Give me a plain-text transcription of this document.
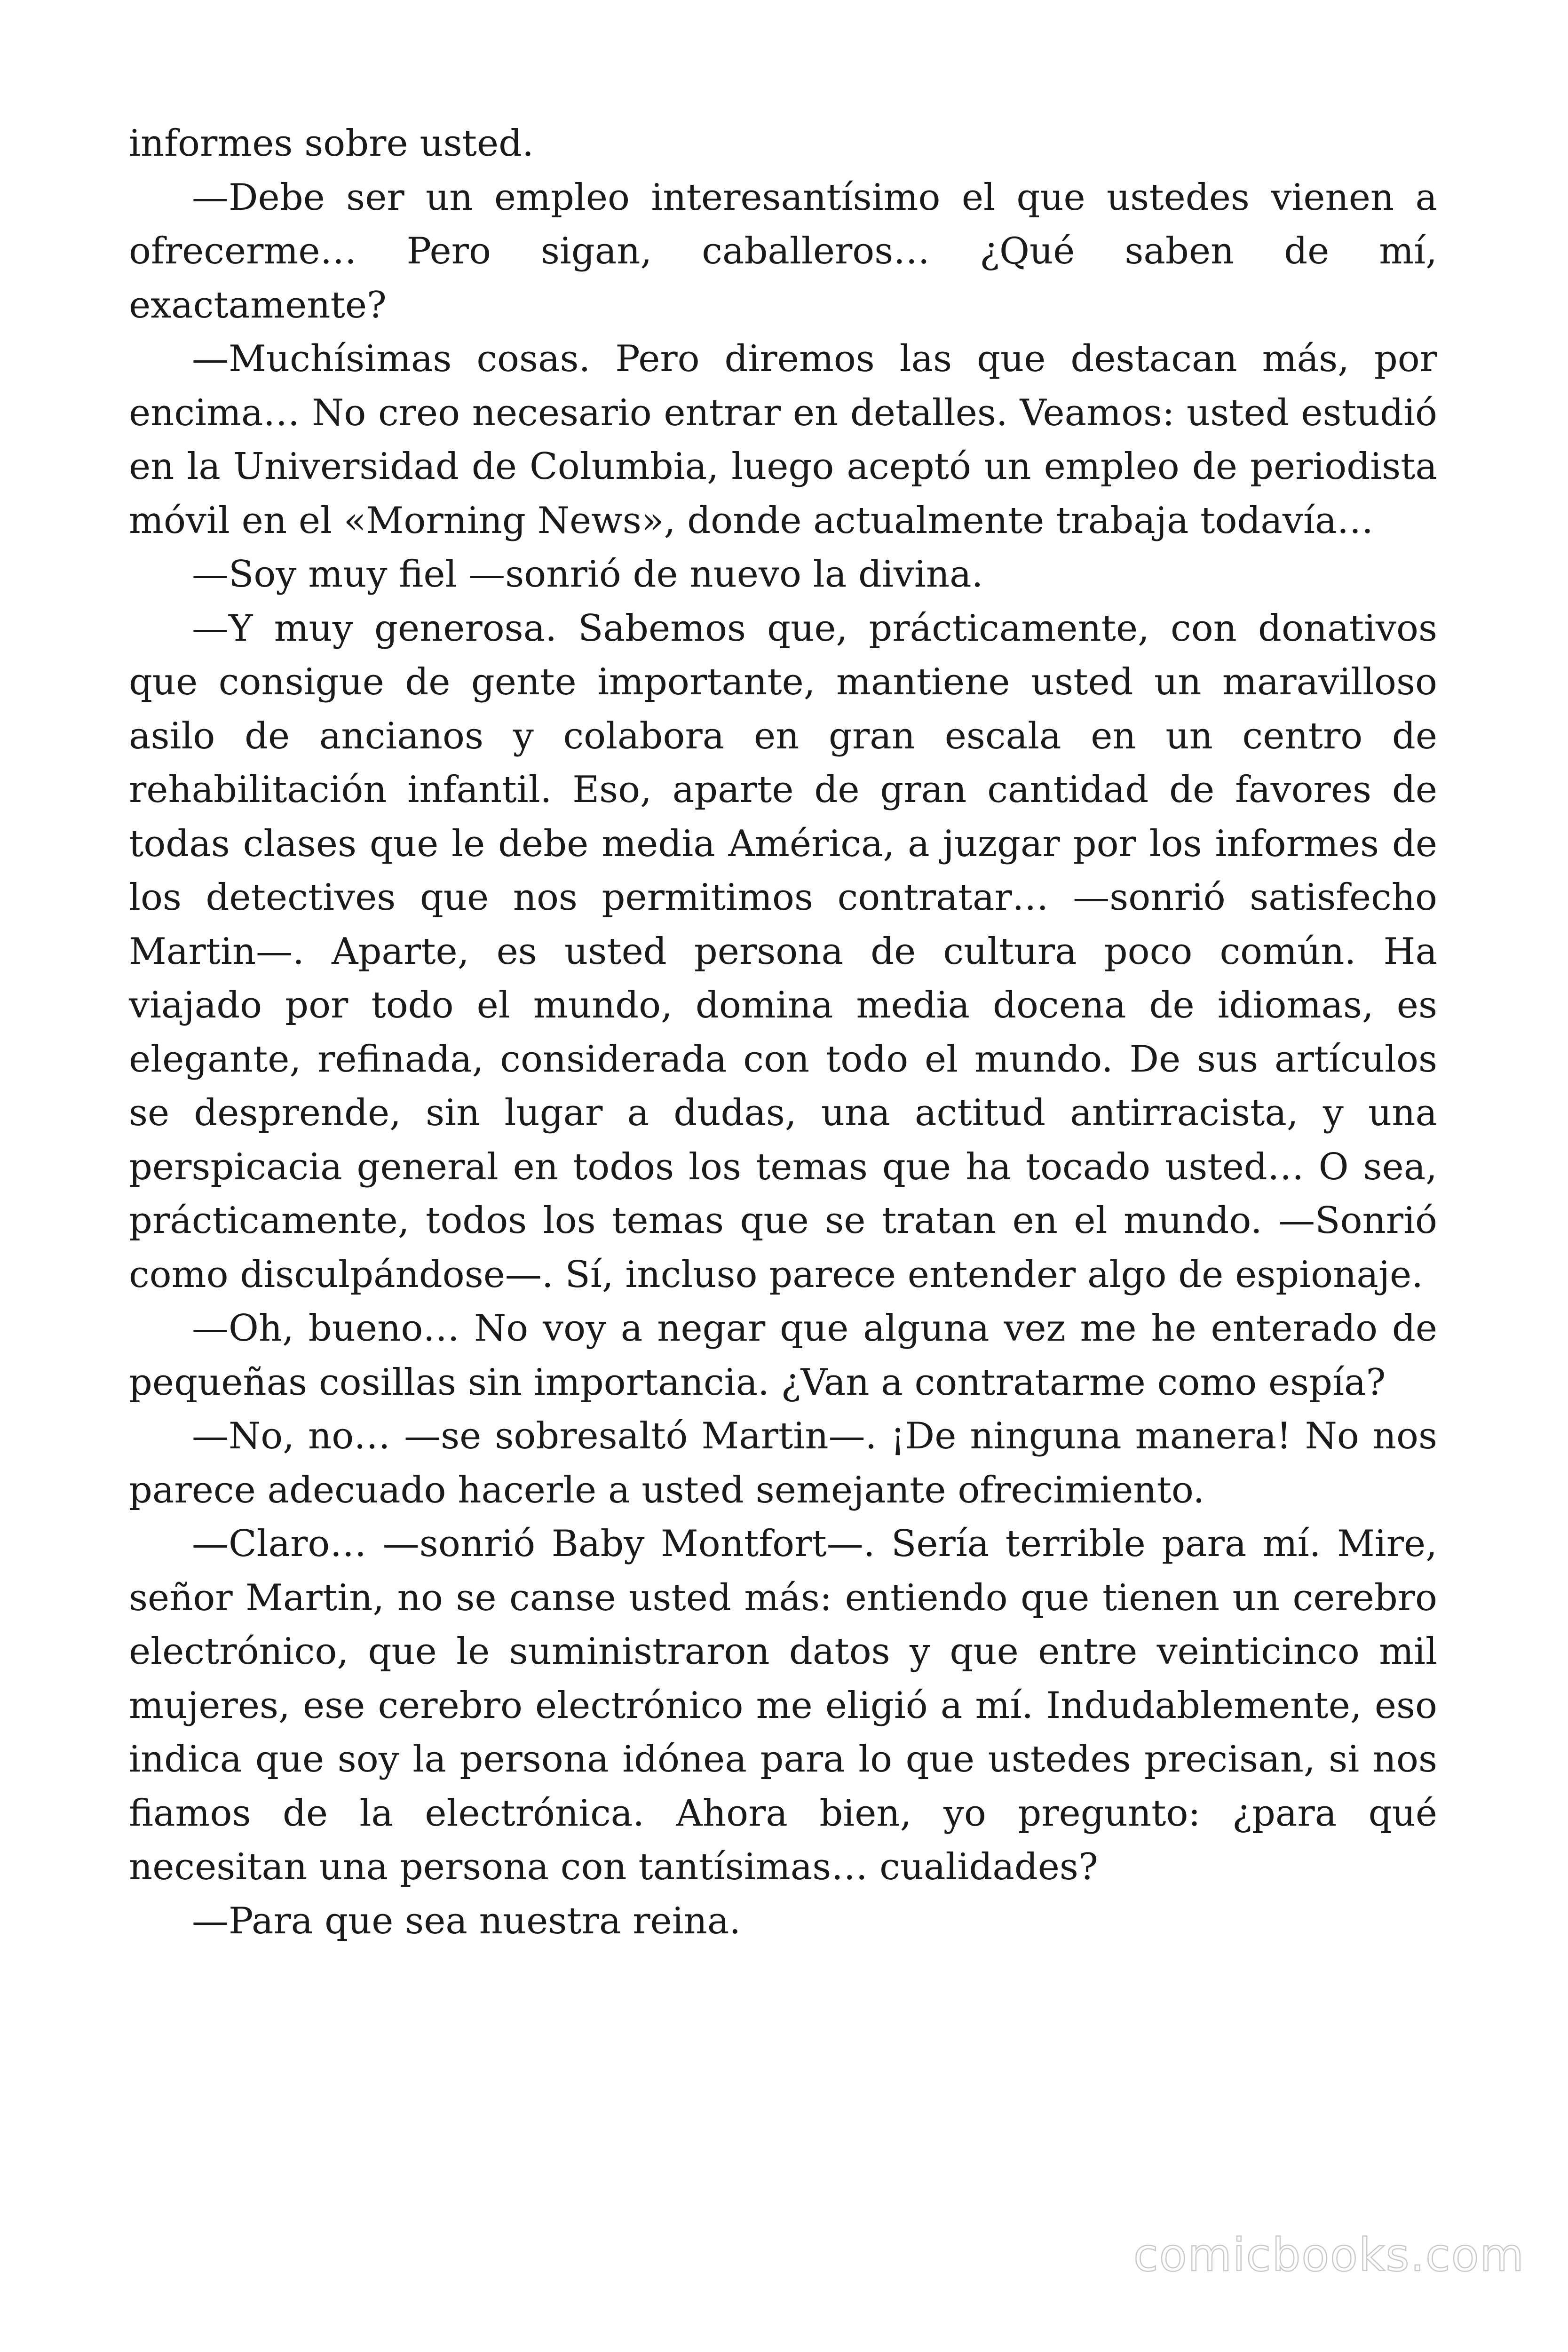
informes sobre usted.

—Debe ser un empleo interesantísimo el que ustedes vienen a ofrecerme… Pero sigan, caballeros… ¿Qué saben de mí, exactamente?

—Muchísimas cosas. Pero diremos las que destacan más, por encima… No creo necesario entrar en detalles. Veamos: usted estudió en la Universidad de Columbia, luego aceptó un empleo de periodista móvil en el «Morning News», donde actualmente trabaja todavía…

—Soy muy fiel —sonrió de nuevo la divina.

—Y muy generosa. Sabemos que, prácticamente, con donativos que consigue de gente importante, mantiene usted un maravilloso asilo de ancianos y colabora en gran escala en un centro de rehabilitación infantil. Eso, aparte de gran cantidad de favores de todas clases que le debe media América, a juzgar por los informes de los detectives que nos permitimos contratar… —sonrió satisfecho Martin—. Aparte, es usted persona de cultura poco común. Ha viajado por todo el mundo, domina media docena de idiomas, es elegante, refinada, considerada con todo el mundo. De sus artículos se desprende, sin lugar a dudas, una actitud antirracista, y una perspicacia general en todos los temas que ha tocado usted… O sea, prácticamente, todos los temas que se tratan en el mundo. —Sonrió como disculpándose—. Sí, incluso parece entender algo de espionaje.

—Oh, bueno… No voy a negar que alguna vez me he enterado de pequeñas cosillas sin importancia. ¿Van a contratarme como espía?

—No, no… —se sobresaltó Martin—. ¡De ninguna manera! No nos parece adecuado hacerle a usted semejante ofrecimiento.

—Claro… —sonrió Baby Montfort—. Sería terrible para mí. Mire, señor Martin, no se canse usted más: entiendo que tienen un cerebro electrónico, que le suministraron datos y que entre veinticinco mil mujeres, ese cerebro electrónico me eligió a mí. Indudablemente, eso indica que soy la persona idónea para lo que ustedes precisan, si nos fiamos de la electrónica. Ahora bien, yo pregunto: ¿para qué necesitan una persona con tantísimas… cualidades?

—Para que sea nuestra reina.

comicbooks.com
